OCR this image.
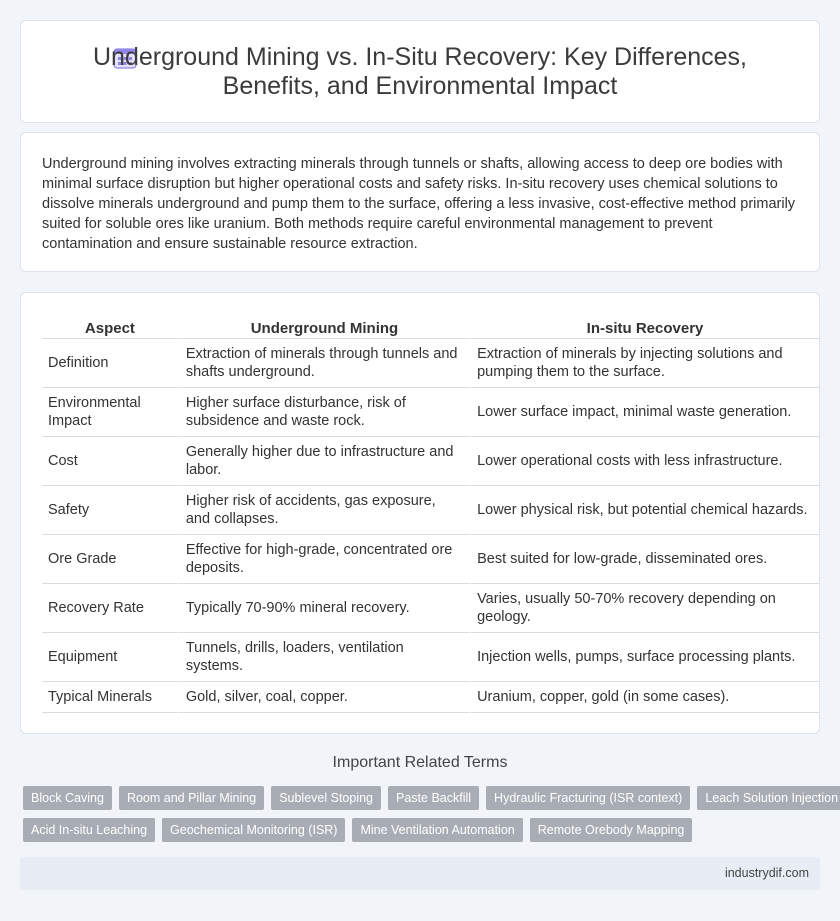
Underground Mining vs. In-Situ Recovery: Key Differences,
Benefits, and Environmental Impact

Underground mining involves extracting minerals through tunnels or shafts, allowing access to deep ore bodies with minimal surface disruption but higher operational costs and safety risks. In-situ recovery uses chemical solutions to dissolve minerals underground and pump them to the surface, offering a less invasive, cost-effective method primarily suited for soluble ores like uranium. Both methods require careful environmental management to prevent contamination and ensure sustainable resource extraction.

Aspect	Underground Mining	In-situ Recovery
Definition	Extraction of minerals through tunnels and shafts underground.	Extraction of minerals by injecting solutions and pumping them to the surface.
Environmental Impact	Higher surface disturbance, risk of subsidence and waste rock.	Lower surface impact, minimal waste generation.
Cost	Generally higher due to infrastructure and labor.	Lower operational costs with less infrastructure.
Safety	Higher risk of accidents, gas exposure, and collapses.	Lower physical risk, but potential chemical hazards.
Ore Grade	Effective for high-grade, concentrated ore deposits.	Best suited for low-grade, disseminated ores.
Recovery Rate	Typically 70-90% mineral recovery.	Varies, usually 50-70% recovery depending on geology.
Equipment	Tunnels, drills, loaders, ventilation systems.	Injection wells, pumps, surface processing plants.
Typical Minerals	Gold, silver, coal, copper.	Uranium, copper, gold (in some cases).
Important Related Terms
Block Caving	Room and Pillar Mining	Sublevel Stoping	Paste Backfill	Hydraulic Fracturing (ISR context)	Leach Solution Injection
Acid In-situ Leaching	Geochemical Monitoring (ISR)	Mine Ventilation Automation	Remote Orebody Mapping
industrydif.com
